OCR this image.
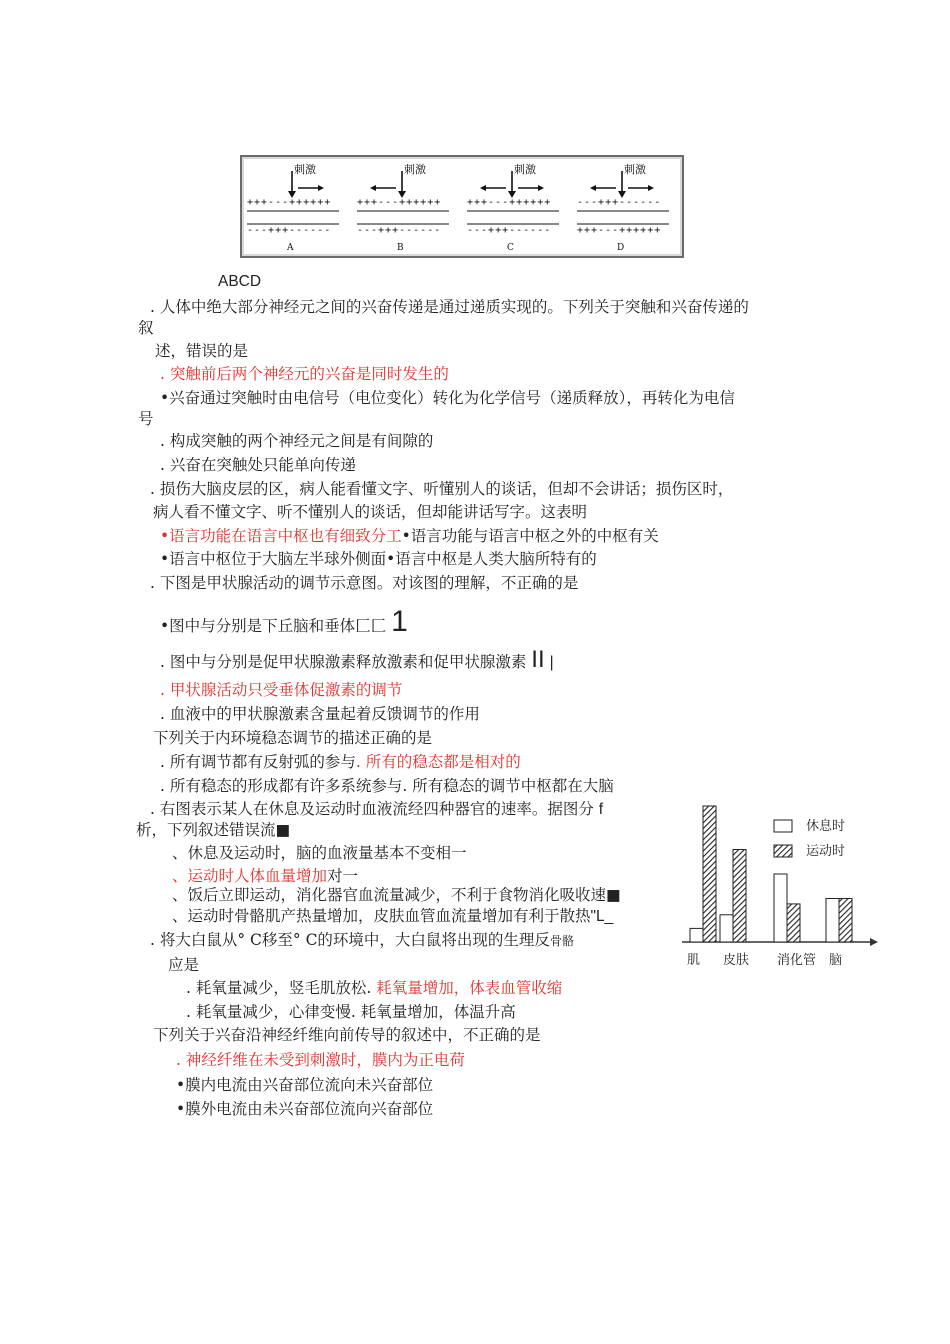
刺激
+++---++++++
---+++------
A
刺激
+++---++++++
---+++------
B
刺激
+++---++++++
---+++------
C
刺激
---+++------
+++---++++++
D
ABCD
. 人体中绝大部分神经元之间的兴奋传递是通过递质实现的。下列关于突触和兴奋传递的
叙
述，错误的是
. 突触前后两个神经元的兴奋是同时发生的
•兴奋通过突触时由电信号（电位变化）转化为化学信号（递质释放），再转化为电信
号
. 构成突触的两个神经元之间是有间隙的
. 兴奋在突触处只能单向传递
. 损伤大脑皮层的区，病人能看懂文字、听懂别人的谈话，但却不会讲话；损伤区时，
病人看不懂文字、听不懂别人的谈话，但却能讲话写字。这表明
•语言功能在语言中枢也有细致分工•语言功能与语言中枢之外的中枢有关
•语言中枢位于大脑左半球外侧面•语言中枢是人类大脑所特有的
. 下图是甲状腺活动的调节示意图。对该图的理解，不正确的是
•图中与分别是下丘脑和垂体匚匚 1
. 图中与分别是促甲状腺激素释放激素和促甲状腺激素 II |
. 甲状腺活动只受垂体促激素的调节
. 血液中的甲状腺激素含量起着反馈调节的作用
下列关于内环境稳态调节的描述正确的是
. 所有调节都有反射弧的参与. 所有的稳态都是相对的
. 所有稳态的形成都有许多系统参与. 所有稳态的调节中枢都在大脑
. 右图表示某人在休息及运动时血液流经四种器官的速率。据图分 f
析，下列叙述错误流■
、休息及运动时，脑的血液量基本不变相一
、运动时人体血量增加对一
、饭后立即运动，消化器官血流量减少，不利于食物消化吸收速■
、运动时骨骼肌产热量增加，皮肤血管血流量增加有利于散热"L_
. 将大白鼠从° C移至° C的环境中，大白鼠将出现的生理反骨骼
应是
. 耗氧量减少，竖毛肌放松. 耗氧量增加，体表血管收缩
. 耗氧量减少，心律变慢. 耗氧量增加，体温升高
下列关于兴奋沿神经纤维向前传导的叙述中，不正确的是
. 神经纤维在未受到刺激时，膜内为正电荷
•膜内电流由兴奋部位流向未兴奋部位
•膜外电流由未兴奋部位流向兴奋部位
肌 皮肤 消化管 脑
休息时
运动时
